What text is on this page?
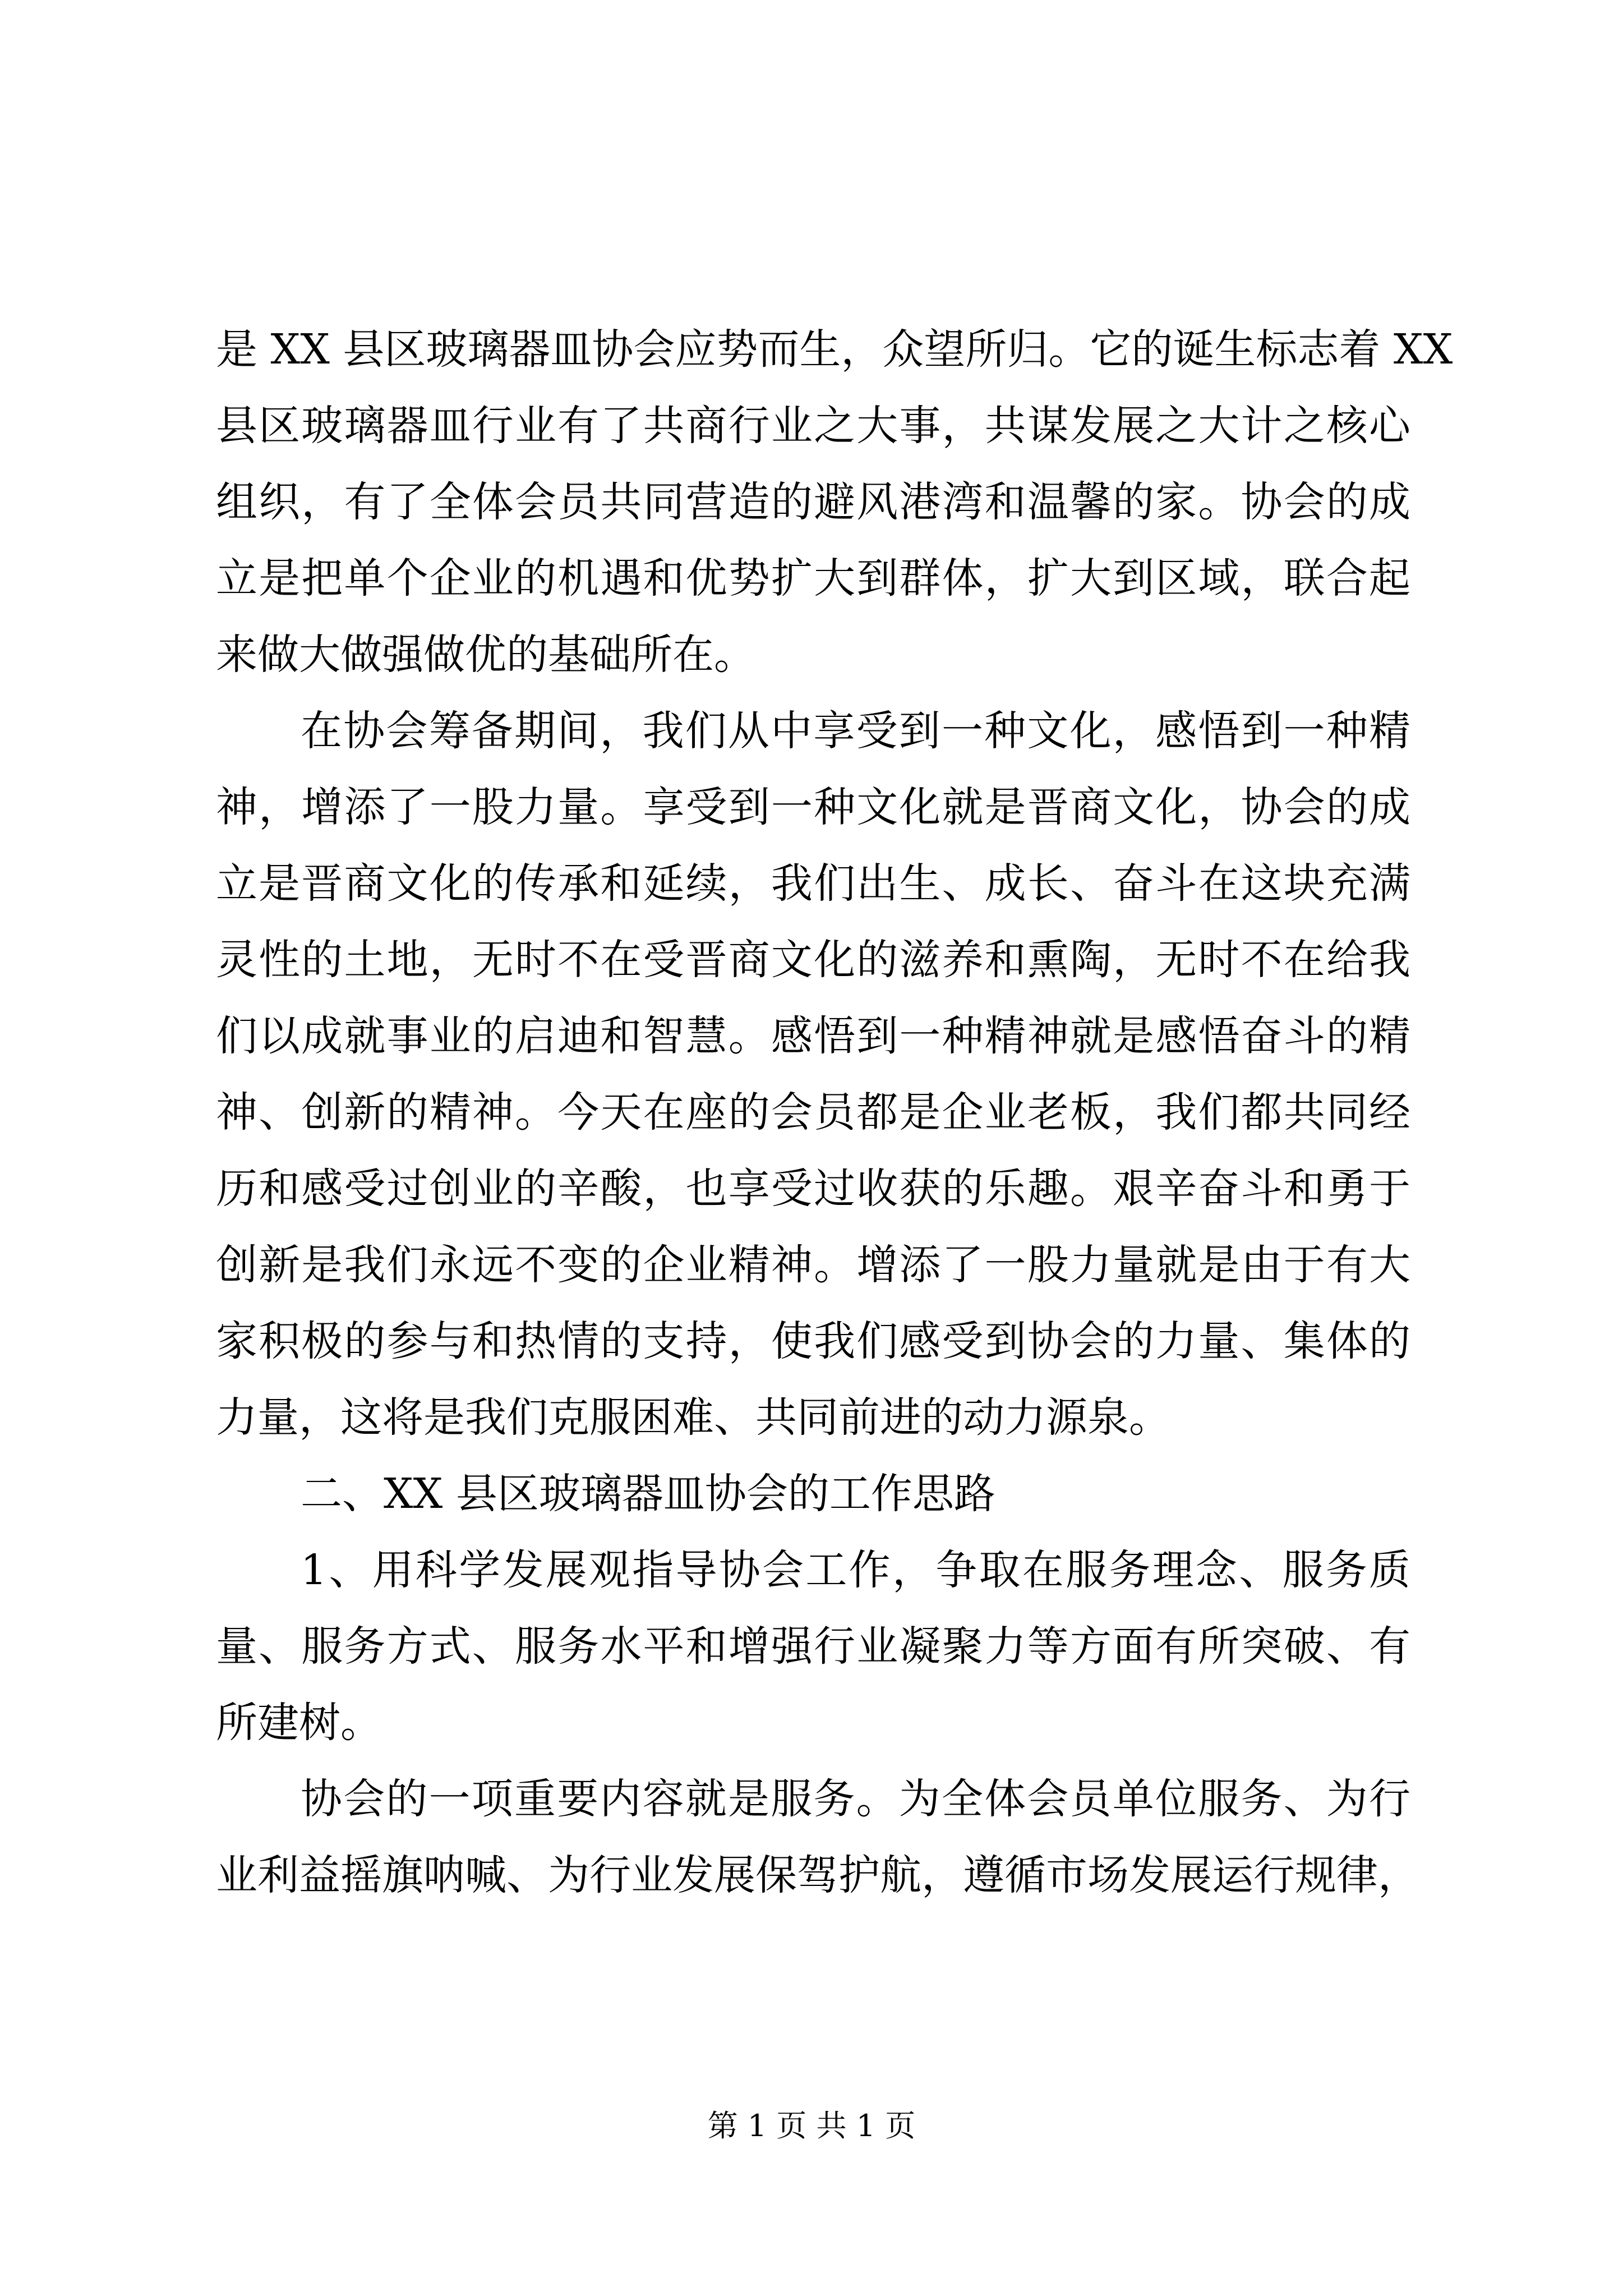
是 XX 县区玻璃器皿协会应势而生，众望所归。它的诞生标志着 XX

县区玻璃器皿行业有了共商行业之大事，共谋发展之大计之核心

组织，有了全体会员共同营造的避风港湾和温馨的家。协会的成

立是把单个企业的机遇和优势扩大到群体，扩大到区域，联合起

来做大做强做优的基础所在。

在协会筹备期间，我们从中享受到一种文化，感悟到一种精

神，增添了一股力量。享受到一种文化就是晋商文化，协会的成

立是晋商文化的传承和延续，我们出生、成长、奋斗在这块充满

灵性的土地，无时不在受晋商文化的滋养和熏陶，无时不在给我

们以成就事业的启迪和智慧。感悟到一种精神就是感悟奋斗的精

神、创新的精神。今天在座的会员都是企业老板，我们都共同经

历和感受过创业的辛酸，也享受过收获的乐趣。艰辛奋斗和勇于

创新是我们永远不变的企业精神。增添了一股力量就是由于有大

家积极的参与和热情的支持，使我们感受到协会的力量、集体的

力量，这将是我们克服困难、共同前进的动力源泉。

二、XX 县区玻璃器皿协会的工作思路

1、用科学发展观指导协会工作，争取在服务理念、服务质

量、服务方式、服务水平和增强行业凝聚力等方面有所突破、有

所建树。

协会的一项重要内容就是服务。为全体会员单位服务、为行

业利益摇旗呐喊、为行业发展保驾护航，遵循市场发展运行规律，

第 1 页 共 1 页
